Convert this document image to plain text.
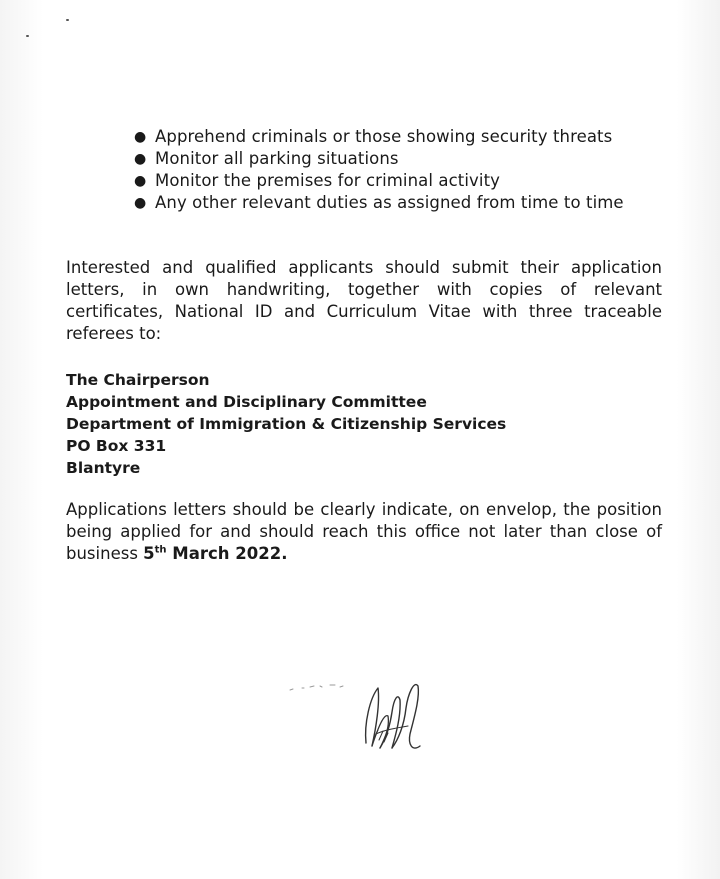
● Apprehend criminals or those showing security threats
● Monitor all parking situations
● Monitor the premises for criminal activity
● Any other relevant duties as assigned from time to time

Interested and qualified applicants should submit their application letters, in own handwriting, together with copies of relevant certificates, National ID and Curriculum Vitae with three traceable referees to:

The Chairperson
Appointment and Disciplinary Committee
Department of Immigration & Citizenship Services
PO Box 331
Blantyre

Applications letters should be clearly indicate, on envelop, the position being applied for and should reach this office not later than close of business 5th March 2022.
